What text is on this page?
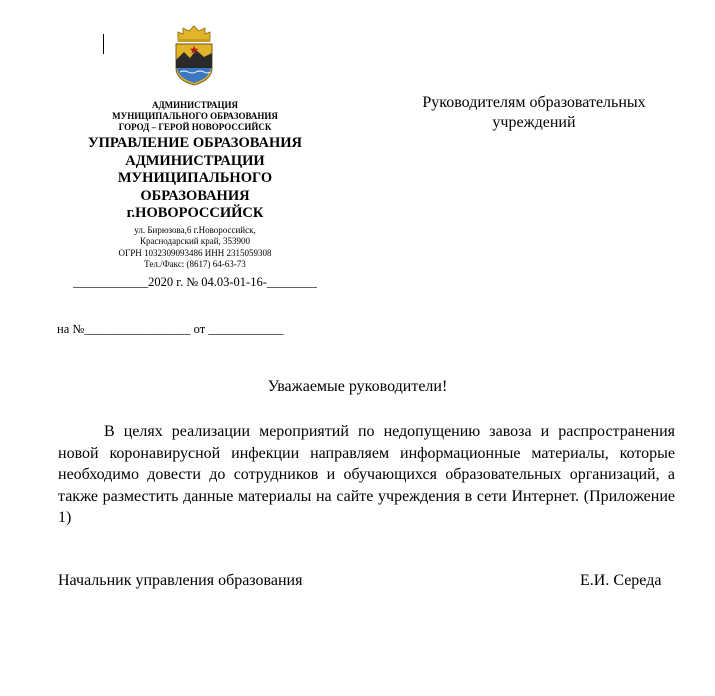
АДМИНИСТРАЦИЯ
МУНИЦИПАЛЬНОГО ОБРАЗОВАНИЯ
ГОРОД – ГЕРОЙ НОВОРОССИЙСК
УПРАВЛЕНИЕ ОБРАЗОВАНИЯ
АДМИНИСТРАЦИИ
МУНИЦИПАЛЬНОГО
ОБРАЗОВАНИЯ
г.НОВОРОССИЙСК
ул. Бирюзова,6 г.Новороссийск,
Краснодарский край, 353900
ОГРН 1032309093486 ИНН 2315059308
Тел./Факс: (8617) 64-63-73
____________2020 г. № 04.03-01-16-________
Руководителям образовательных
учреждений
на №_________________ от ____________
Уважаемые руководители!
В целях реализации мероприятий по недопущению завоза и распространения новой коронавирусной инфекции направляем информационные материалы, которые необходимо довести до сотрудников и обучающихся образовательных организаций, а также разместить данные материалы на сайте учреждения в сети Интернет. (Приложение 1)
Начальник управления образования	Е.И. Середа
